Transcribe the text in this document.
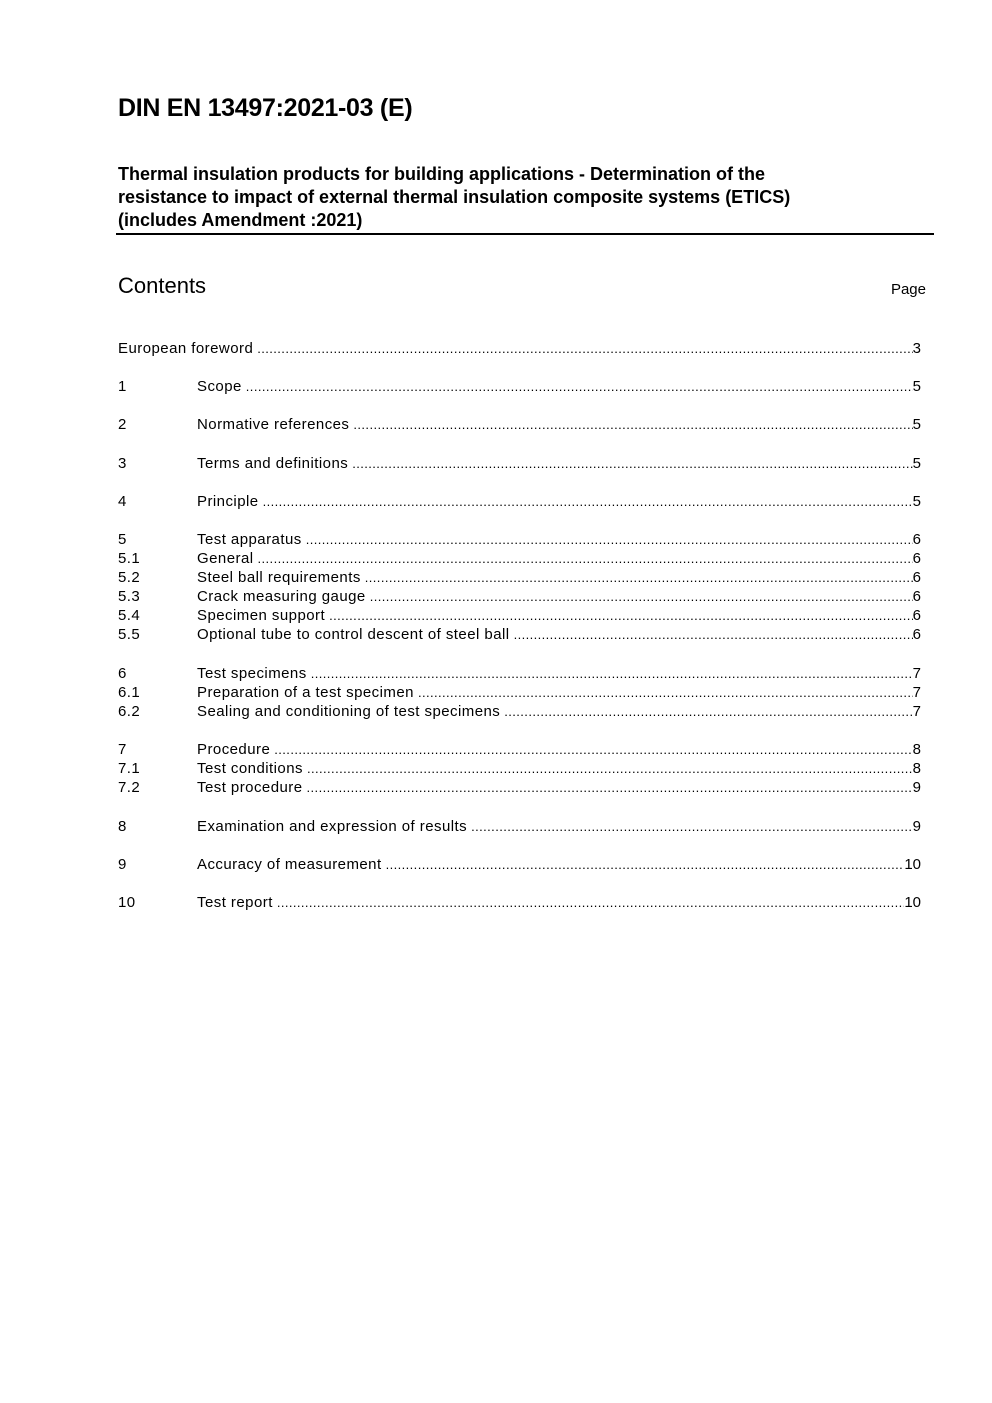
DIN EN 13497:2021-03 (E)
Thermal insulation products for building applications - Determination of the
resistance to impact of external thermal insulation composite systems (ETICS)
(includes Amendment :2021)
Contents	Page
European foreword .....	3
1	Scope .....	5
2	Normative references .....	5
3	Terms and definitions .....	5
4	Principle .....	5
5	Test apparatus .....	6
5.1	General .....	6
5.2	Steel ball requirements .....	6
5.3	Crack measuring gauge .....	6
5.4	Specimen support .....	6
5.5	Optional tube to control descent of steel ball .....	6
6	Test specimens .....	7
6.1	Preparation of a test specimen .....	7
6.2	Sealing and conditioning of test specimens .....	7
7	Procedure .....	8
7.1	Test conditions .....	8
7.2	Test procedure .....	9
8	Examination and expression of results .....	9
9	Accuracy of measurement .....	10
10	Test report .....	10
